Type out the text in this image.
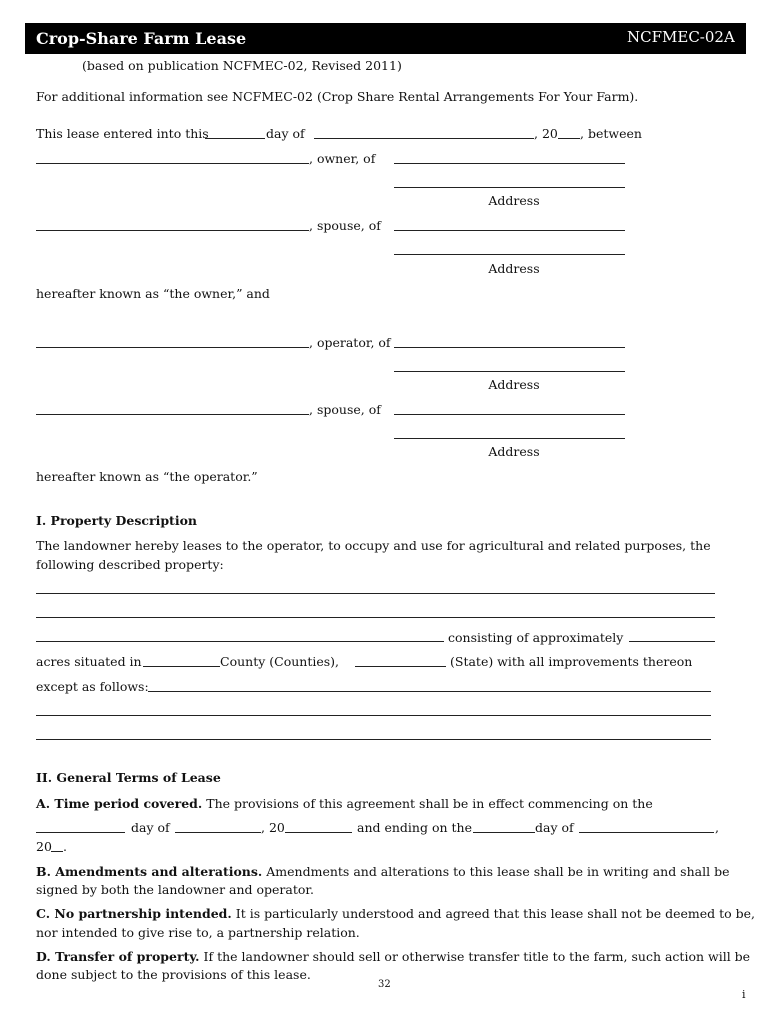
Crop-Share Farm Lease	NCFMEC-02A
(based on publication NCFMEC-02, Revised 2011)
For additional information see NCFMEC-02 (Crop Share Rental Arrangements For Your Farm).
This lease entered into this	day of	, 20 , between
, owner, of
Address
, spouse, of
Address
hereafter known as “the owner,” and
, operator, of
Address
, spouse, of
Address
hereafter known as “the operator.”
I. Property Description
The landowner hereby leases to the operator, to occupy and use for agricultural and related purposes, the
following described property:
consisting of approximately
acres situated in	County (Counties),	(State) with all improvements thereon
except as follows:
II. General Terms of Lease
A. Time period covered. The provisions of this agreement shall be in effect commencing on the
day of	, 20	and ending on the	day of	,
20 .
B. Amendments and alterations. Amendments and alterations to this lease shall be in writing and shall be
signed by both the landowner and operator.
C. No partnership intended. It is particularly understood and agreed that this lease shall not be deemed to be,
nor intended to give rise to, a partnership relation.
D. Transfer of property. If the landowner should sell or otherwise transfer title to the farm, such action will be
done subject to the provisions of this lease.
32
i
